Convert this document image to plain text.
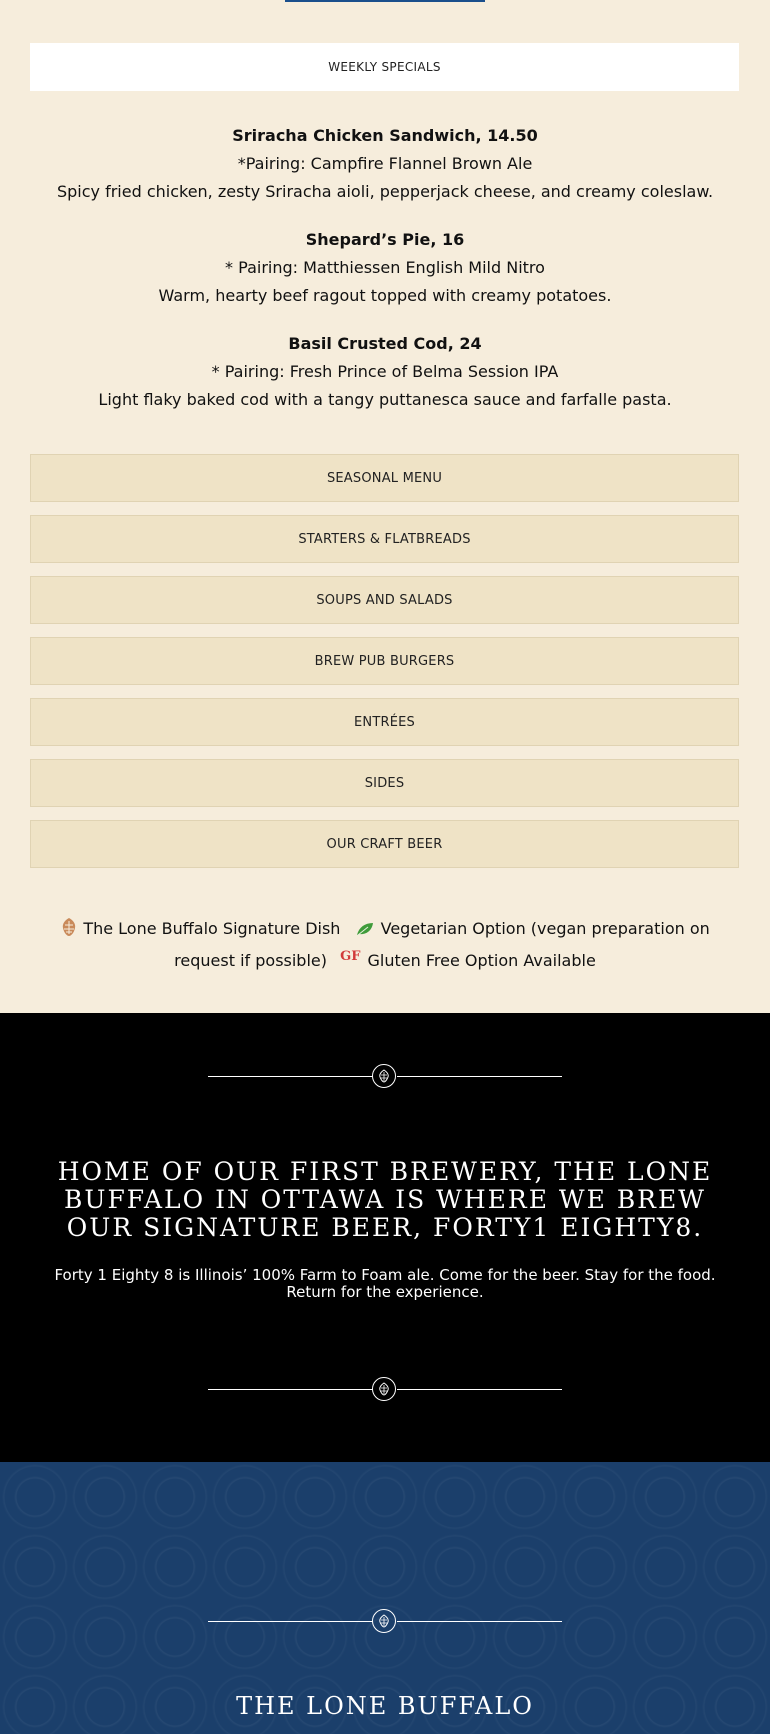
WEEKLY SPECIALS
Sriracha Chicken Sandwich, 14.50
*Pairing: Campfire Flannel Brown Ale
Spicy fried chicken, zesty Sriracha aioli, pepperjack cheese, and creamy coleslaw.
Shepard’s Pie, 16
* Pairing: Matthiessen English Mild Nitro
Warm, hearty beef ragout topped with creamy potatoes.
Basil Crusted Cod, 24
* Pairing: Fresh Prince of Belma Session IPA
Light flaky baked cod with a tangy puttanesca sauce and farfalle pasta.
SEASONAL MENU
STARTERS & FLATBREADS
SOUPS AND SALADS
BREW PUB BURGERS
ENTRÉES
SIDES
OUR CRAFT BEER
The Lone Buffalo Signature Dish	Vegetarian Option (vegan preparation on request if possible) $^{GF}$ Gluten Free Option Available
HOME OF OUR FIRST BREWERY, THE LONE BUFFALO IN OTTAWA IS WHERE WE BREW OUR SIGNATURE BEER, FORTY1 EIGHTY8.

Forty 1 Eighty 8 is Illinois’ 100% Farm to Foam ale. Come for the beer. Stay for the food. Return for the experience.

THE LONE BUFFALO
